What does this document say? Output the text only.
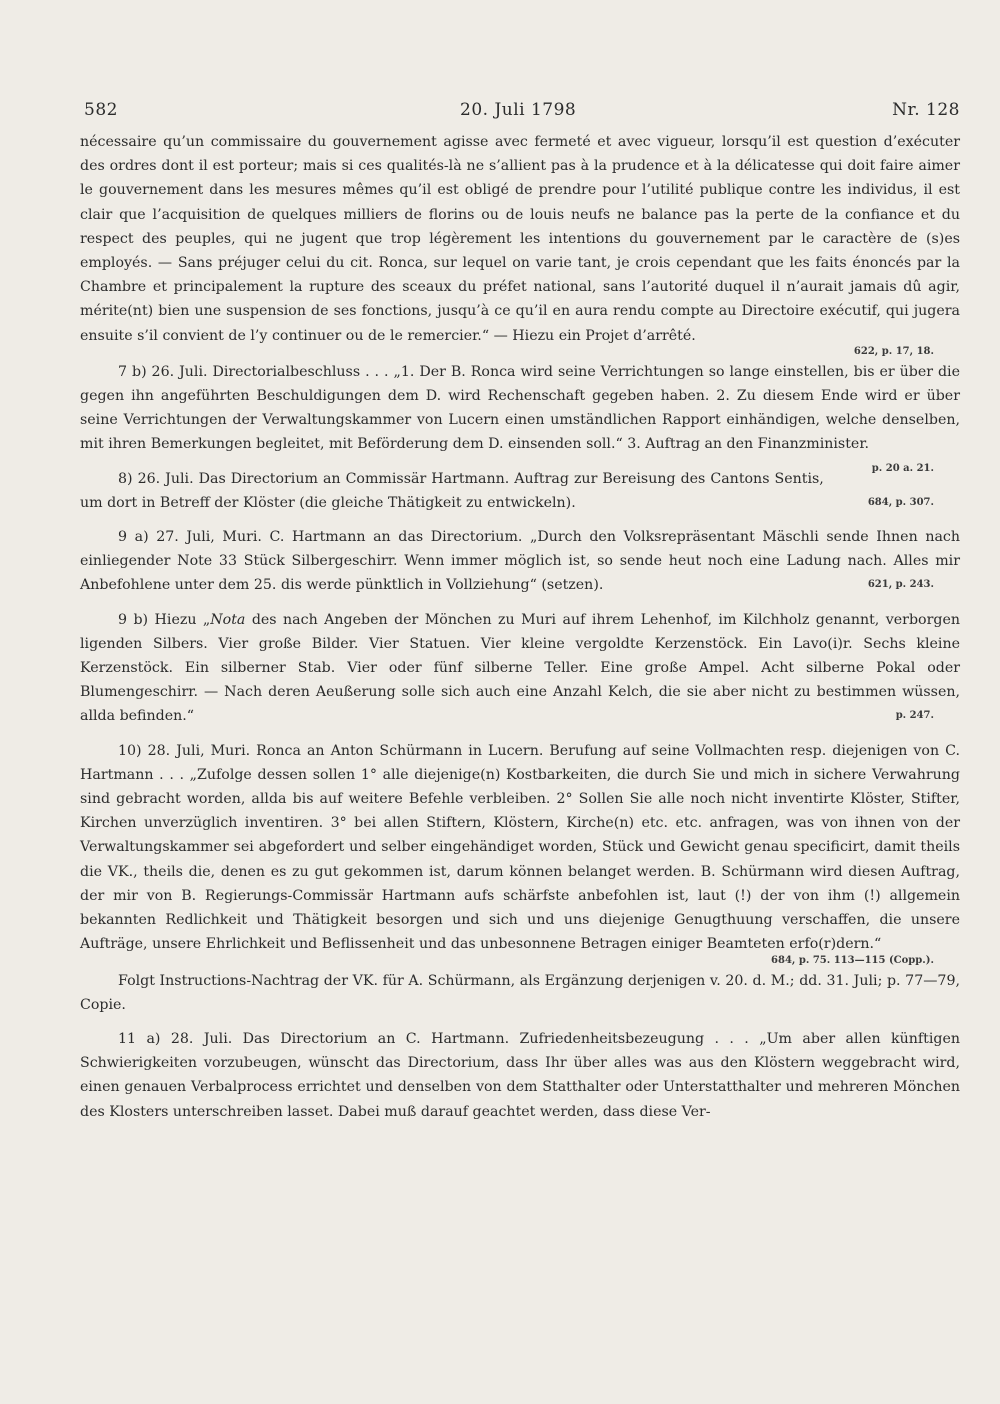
582	20. Juli 1798	Nr. 128

nécessaire qu’un commissaire du gouvernement agisse avec fermeté et avec vigueur, lorsqu’il est question d’exécuter des ordres dont il est porteur; mais si ces qualités-là ne s’allient pas à la prudence et à la délicatesse qui doit faire aimer le gouvernement dans les mesures mêmes qu’il est obligé de prendre pour l’utilité publique contre les individus, il est clair que l’acquisition de quelques milliers de florins ou de louis neufs ne balance pas la perte de la confiance et du respect des peuples, qui ne jugent que trop légèrement les intentions du gouvernement par le caractère de (s)es employés. — Sans préjuger celui du cit. Ronca, sur lequel on varie tant, je crois cependant que les faits énoncés par la Chambre et principalement la rupture des sceaux du préfet national, sans l’autorité duquel il n’aurait jamais dû agir, mérite(nt) bien une suspension de ses fonctions, jusqu’à ce qu’il en aura rendu compte au Directoire exécutif, qui jugera ensuite s’il convient de l’y continuer ou de le remercier.“ — Hiezu ein Projet d’arrêté.

622, p. 17, 18.

7 b) 26. Juli. Directorialbeschluss . . . „1. Der B. Ronca wird seine Verrichtungen so lange einstellen, bis er über die gegen ihn angeführten Beschuldigungen dem D. wird Rechenschaft gegeben haben. 2. Zu diesem Ende wird er über seine Verrichtungen der Verwaltungskammer von Lucern einen umständlichen Rapport einhändigen, welche denselben, mit ihren Bemerkungen begleitet, mit Beförderung dem D. einsenden soll.“ 3. Auftrag an den Finanzminister.
p. 20 a. 21.

8) 26. Juli. Das Directorium an Commissär Hartmann. Auftrag zur Bereisung des Cantons Sentis, um dort in Betreff der Klöster (die gleiche Thätigkeit zu entwickeln).	684, p. 307.

9 a) 27. Juli, Muri. C. Hartmann an das Directorium. „Durch den Volksrepräsentant Mäschli sende Ihnen nach einliegender Note 33 Stück Silbergeschirr. Wenn immer möglich ist, so sende heut noch eine Ladung nach. Alles mir Anbefohlene unter dem 25. dis werde pünktlich in Vollziehung“ (setzen).	621, p. 243.

9 b) Hiezu „Nota des nach Angeben der Mönchen zu Muri auf ihrem Lehenhof, im Kilchholz genannt, verborgen ligenden Silbers. Vier große Bilder. Vier Statuen. Vier kleine vergoldte Kerzenstöck. Ein Lavo(i)r. Sechs kleine Kerzenstöck. Ein silberner Stab. Vier oder fünf silberne Teller. Eine große Ampel. Acht silberne Pokal oder Blumengeschirr. — Nach deren Aeußerung solle sich auch eine Anzahl Kelch, die sie aber nicht zu bestimmen wüssen, allda befinden.“	p. 247.

10) 28. Juli, Muri. Ronca an Anton Schürmann in Lucern. Berufung auf seine Vollmachten resp. diejenigen von C. Hartmann . . . „Zufolge dessen sollen 1° alle diejenige(n) Kostbarkeiten, die durch Sie und mich in sichere Verwahrung sind gebracht worden, allda bis auf weitere Befehle verbleiben. 2° Sollen Sie alle noch nicht inventirte Klöster, Stifter, Kirchen unverzüglich inventiren. 3° bei allen Stiftern, Klöstern, Kirche(n) etc. etc. anfragen, was von ihnen von der Verwaltungskammer sei abgefordert und selber eingehändiget worden, Stück und Gewicht genau specificirt, damit theils die VK., theils die, denen es zu gut gekommen ist, darum können belanget werden. B. Schürmann wird diesen Auftrag, der mir von B. Regierungs-Commissär Hartmann aufs schärfste anbefohlen ist, laut (!) der von ihm (!) allgemein bekannten Redlichkeit und Thätigkeit besorgen und sich und uns diejenige Genugthuung verschaffen, die unsere Aufträge, unsere Ehrlichkeit und Beflissenheit und das unbesonnene Betragen einiger Beamteten erfo(r)dern.“

684, p. 75. 113—115 (Copp.).

Folgt Instructions-Nachtrag der VK. für A. Schürmann, als Ergänzung derjenigen v. 20. d. M.; dd. 31. Juli; p. 77—79, Copie.

11 a) 28. Juli. Das Directorium an C. Hartmann. Zufriedenheitsbezeugung . . . „Um aber allen künftigen Schwierigkeiten vorzubeugen, wünscht das Directorium, dass Ihr über alles was aus den Klöstern weggebracht wird, einen genauen Verbalprocess errichtet und denselben von dem Statthalter oder Unterstatthalter und mehreren Mönchen des Klosters unterschreiben lasset. Dabei muß darauf geachtet werden, dass diese Ver-
